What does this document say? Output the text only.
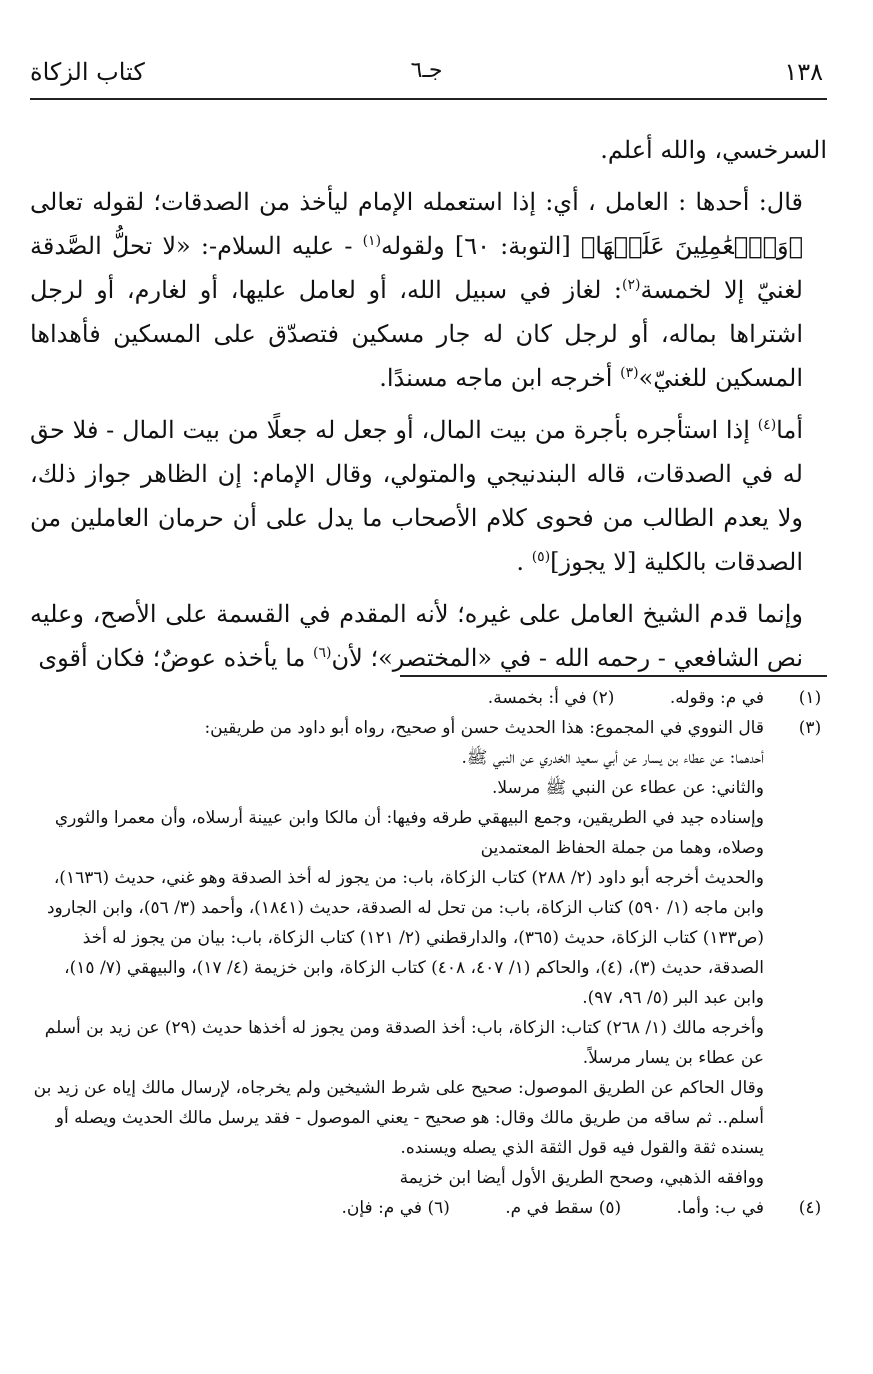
١٣٨
جـ٦
كتاب الزكاة

السرخسي، والله أعلم.

قال: أحدها : العامل ، أي: إذا استعمله الإمام ليأخذ من الصدقات؛ لقوله تعالى ﴿وَٱلۡعَٰمِلِينَ عَلَيۡهَا﴾ [التوبة: ٦٠] ولقوله$^{(١)}$ - عليه السلام-: «لا تحلُّ الصَّدقة لغنيّ إلا لخمسة$^{(٢)}$: لغاز في سبيل الله، أو لعامل عليها، أو لغارم، أو لرجل اشتراها بماله، أو لرجل كان له جار مسكين فتصدّق على المسكين فأهداها المسكين للغنيّ»$^{(٣)}$ أخرجه ابن ماجه مسندًا.

أما$^{(٤)}$ إذا استأجره بأجرة من بيت المال، أو جعل له جعلًا من بيت المال - فلا حق له في الصدقات، قاله البندنيجي والمتولي، وقال الإمام: إن الظاهر جواز ذلك، ولا يعدم الطالب من فحوى كلام الأصحاب ما يدل على أن حرمان العاملين من الصدقات بالكلية [لا يجوز]$^{(٥)}$ .

وإنما قدم الشيخ العامل على غيره؛ لأنه المقدم في القسمة على الأصح، وعليه نص الشافعي - رحمه الله - في «المختصر»؛ لأن$^{(٦)}$ ما يأخذه عوضٌ؛ فكان أقوى

(١)
في م: وقوله. (٢) في أ: بخمسة.
(٣)
قال النووي في المجموع: هذا الحديث حسن أو صحيح، رواه أبو داود من طريقين:
أحدهما: عن عطاء بن يسار عن أبي سعيد الخدري عن النبي ﷺ.
والثاني: عن عطاء عن النبي ﷺ مرسلا.
وإسناده جيد في الطريقين، وجمع البيهقي طرقه وفيها: أن مالكا وابن عيينة أرسلاه، وأن معمرا والثوري وصلاه، وهما من جملة الحفاظ المعتمدين
والحديث أخرجه أبو داود (٢/ ٢٨٨) كتاب الزكاة، باب: من يجوز له أخذ الصدقة وهو غني، حديث (١٦٣٦)، وابن ماجه (١/ ٥٩٠) كتاب الزكاة، باب: من تحل له الصدقة، حديث (١٨٤١)، وأحمد (٣/ ٥٦)، وابن الجارود (ص١٣٣) كتاب الزكاة، حديث (٣٦٥)، والدارقطني (٢/ ١٢١) كتاب الزكاة، باب: بيان من يجوز له أخذ الصدقة، حديث (٣)، (٤)، والحاكم (١/ ٤٠٧، ٤٠٨) كتاب الزكاة، وابن خزيمة (٤/ ١٧)، والبيهقي (٧/ ١٥)، وابن عبد البر (٥/ ٩٦، ٩٧).
وأخرجه مالك (١/ ٢٦٨) كتاب: الزكاة، باب: أخذ الصدقة ومن يجوز له أخذها حديث (٢٩) عن زيد بن أسلم عن عطاء بن يسار مرسلاً.
وقال الحاكم عن الطريق الموصول: صحيح على شرط الشيخين ولم يخرجاه، لإرسال مالك إياه عن زيد بن أسلم.. ثم ساقه من طريق مالك وقال: هو صحيح - يعني الموصول - فقد يرسل مالك الحديث ويصله أو يسنده ثقة والقول فيه قول الثقة الذي يصله ويسنده.
ووافقه الذهبي، وصحح الطريق الأول أيضا ابن خزيمة
(٤)
في ب: وأما. (٥) سقط في م. (٦) في م: فإن.
